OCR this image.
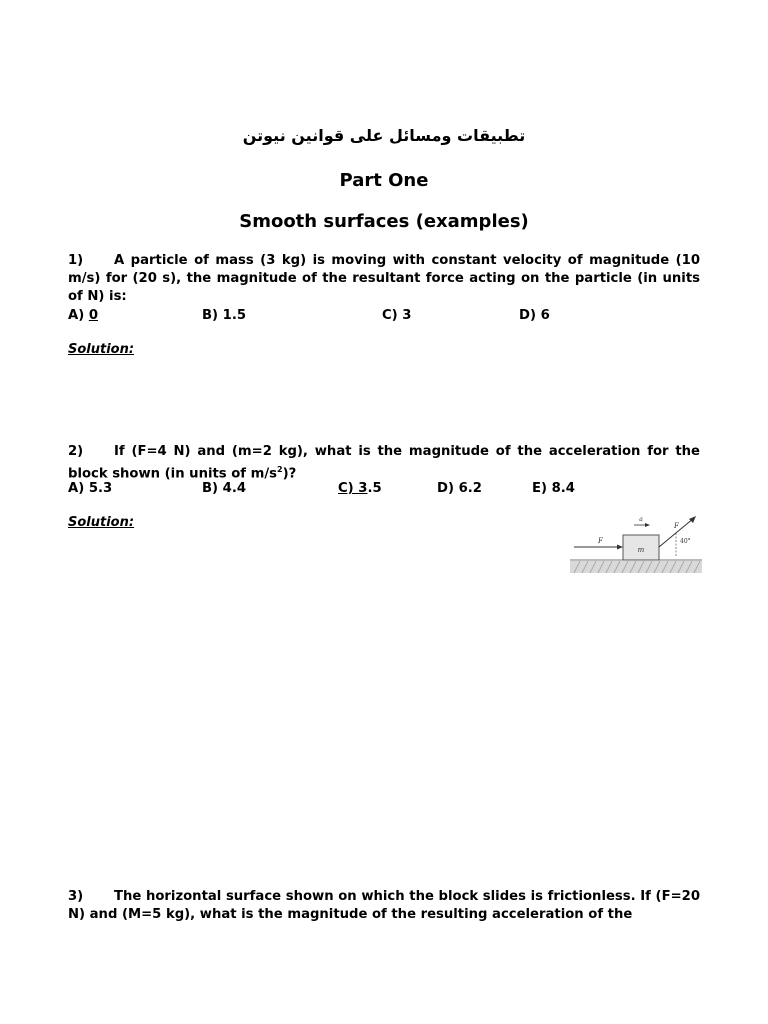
تطبيقات ومسائل على قوانين نيوتن
Part One
Smooth surfaces (examples)
1) A particle of mass (3 kg) is moving with constant velocity of magnitude (10 m/s) for (20 s), the magnitude of the resultant force acting on the particle (in units of N) is:
A) 0	B) 1.5	C) 3	D) 6
Solution:
2) If (F=4 N) and (m=2 kg), what is the magnitude of the acceleration for the block shown (in units of $m/s^2$)?
A) 5.3	B) 4.4	C) 3.5	D) 6.2	E) 8.4
Solution:
m
F
a
F
40°
3) The horizontal surface shown on which the block slides is frictionless. If (F=20 N) and (M=5 kg), what is the magnitude of the resulting acceleration of the
